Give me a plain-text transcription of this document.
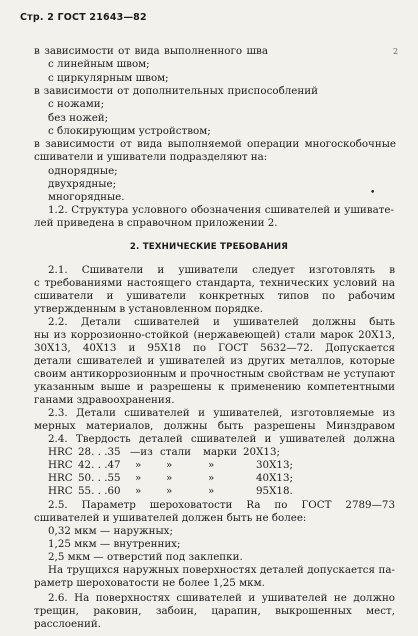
Стр. 2 ГОСТ 21643—82
2
•
в зависимости от вида выполненного шва
с линейным швом;
с циркулярным швом;
в зависимости от дополнительных приспособлений
с ножами;
без ножей;
с блокирующим устройством;
в зависимости от вида выполняемой операции многоскобочные
сшиватели и ушиватели подразделяют на:
однорядные;
двухрядные;
многорядные.
1.2. Структура условного обозначения сшивателей и ушивате-
лей приведена в справочном приложении 2.
2. ТЕХНИЧЕСКИЕ ТРЕБОВАНИЯ
2.1. Сшиватели и ушиватели следует изготовлять в
с требованиями настоящего стандарта, технических условий на
сшиватели и ушиватели конкретных типов по рабочим
утвержденным в установленном порядке.
2.2. Детали сшивателей и ушивателей должны быть
ны из коррозионно-стойкой (нержавеющей) стали марок 20Х13,
30Х13, 40Х13 и 95Х18 по ГОСТ 5632—72. Допускается
детали сшивателей и ушивателей из других металлов, которые
своим антикоррозионным и прочностным свойствам не уступают
указанным выше и разрешены к применению компетентными
ганами здравоохранения.
2.3. Детали сшивателей и ушивателей, изготовляемые из
мерных материалов, должны быть разрешены Минздравом
2.4. Твердость деталей сшивателей и ушивателей должна
HRC 28. . .35 —из стали марки 20Х13;
HRC 42. . .47 » »	»	30Х13;
HRC 50. . .55 » »	»	40Х13;
HRC 55. . .60 » »	»	95Х18.
2.5. Параметр шероховатости Ra по ГОСТ 2789—73
сшивателей и ушивателей должен быть не более:
0,32 мкм — наружных;
1,25 мкм — внутренних;
2,5 мкм — отверстий под заклепки.
На трущихся наружных поверхностях деталей допускается па-
раметр шероховатости не более 1,25 мкм.
2.6. На поверхностях сшивателей и ушивателей не должно
трещин, раковин, забоин, царапин, выкрошенных мест,
расслоений.
